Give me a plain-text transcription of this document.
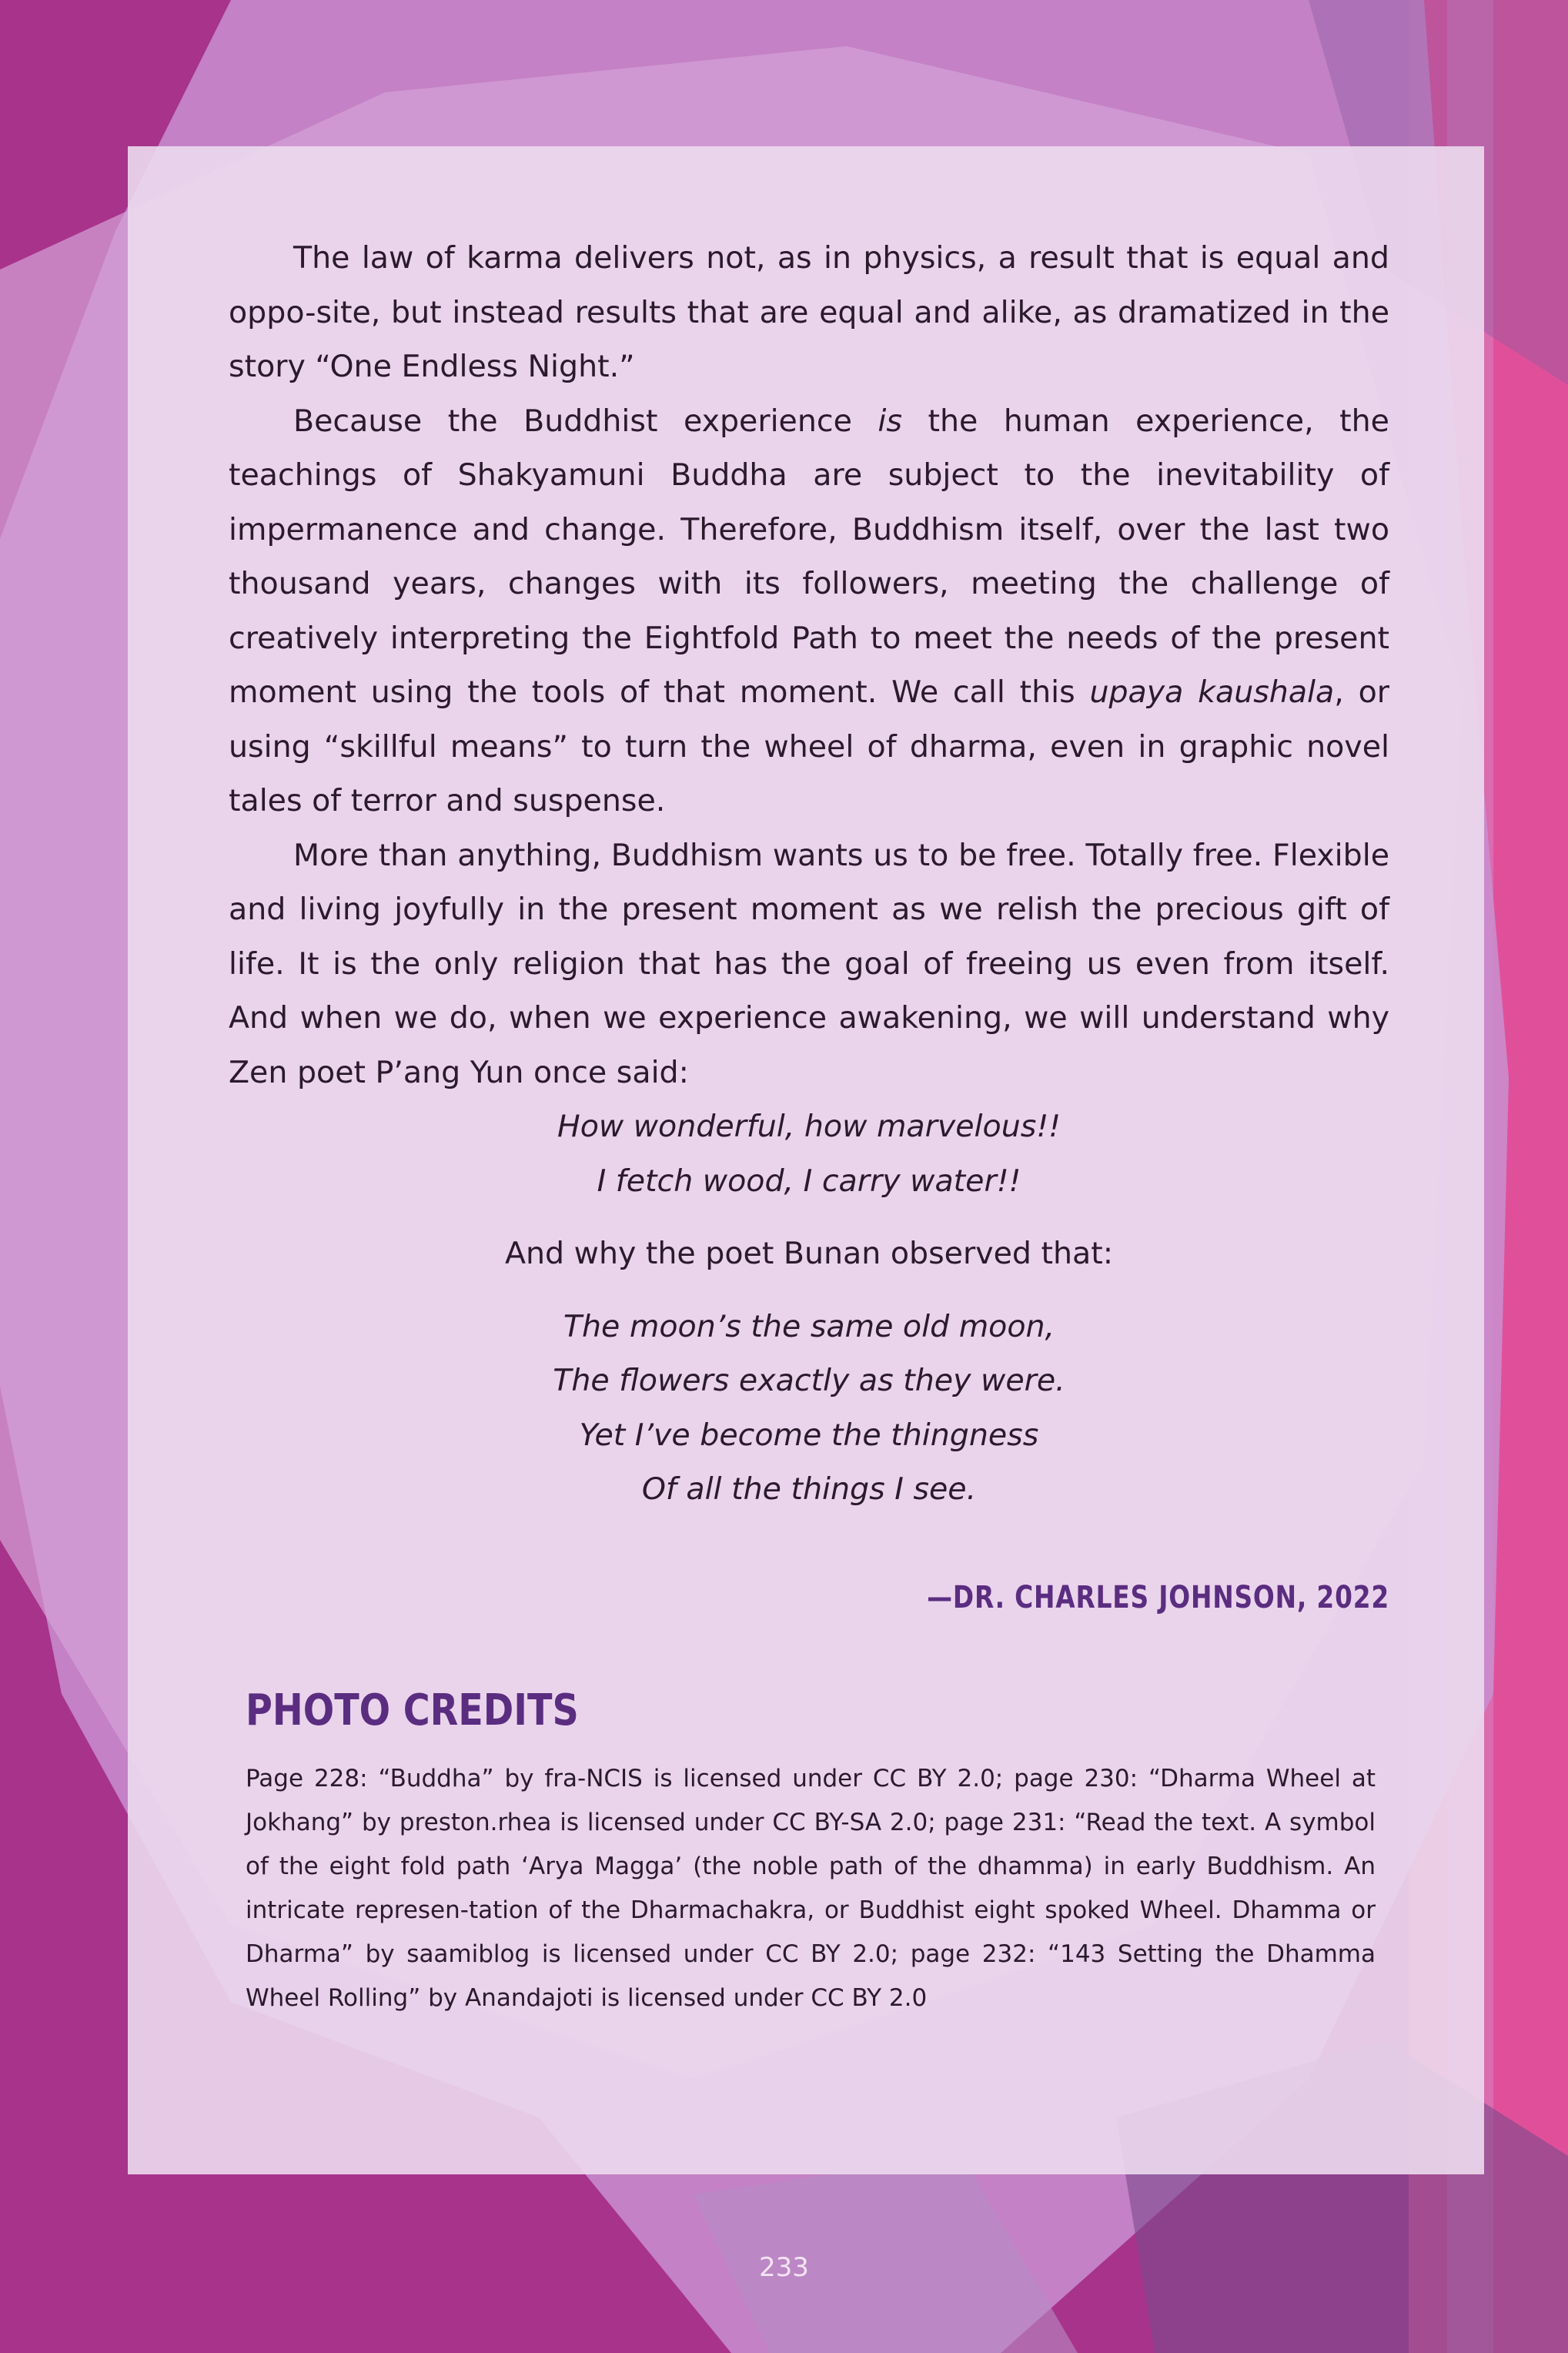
The law of karma delivers not, as in physics, a result that is equal and oppo-site, but instead results that are equal and alike, as dramatized in the story “One Endless Night.”

Because the Buddhist experience is the human experience, the teachings of Shakyamuni Buddha are subject to the inevitability of impermanence and change. Therefore, Buddhism itself, over the last two thousand years, changes with its followers, meeting the challenge of creatively interpreting the Eightfold Path to meet the needs of the present moment using the tools of that moment. We call this upaya kaushala, or using “skillful means” to turn the wheel of dharma, even in graphic novel tales of terror and suspense.

More than anything, Buddhism wants us to be free. Totally free. Flexible and living joyfully in the present moment as we relish the precious gift of life. It is the only religion that has the goal of freeing us even from itself. And when we do, when we experience awakening, we will understand why Zen poet P’ang Yun once said:

How wonderful, how marvelous!!
I fetch wood, I carry water!!
And why the poet Bunan observed that:
The moon’s the same old moon,
The flowers exactly as they were.
Yet I’ve become the thingness
Of all the things I see.
—DR. CHARLES JOHNSON, 2022
PHOTO CREDITS

Page 228: “Buddha” by fra-NCIS is licensed under CC BY 2.0; page 230: “Dharma Wheel at Jokhang” by preston.rhea is licensed under CC BY-SA 2.0; page 231: “Read the text. A symbol of the eight fold path ‘Arya Magga’ (the noble path of the dhamma) in early Buddhism. An intricate represen-tation of the Dharmachakra, or Buddhist eight spoked Wheel. Dhamma or Dharma” by saamiblog is licensed under CC BY 2.0; page 232: “143 Setting the Dhamma Wheel Rolling” by Anandajoti is licensed under CC BY 2.0

233
